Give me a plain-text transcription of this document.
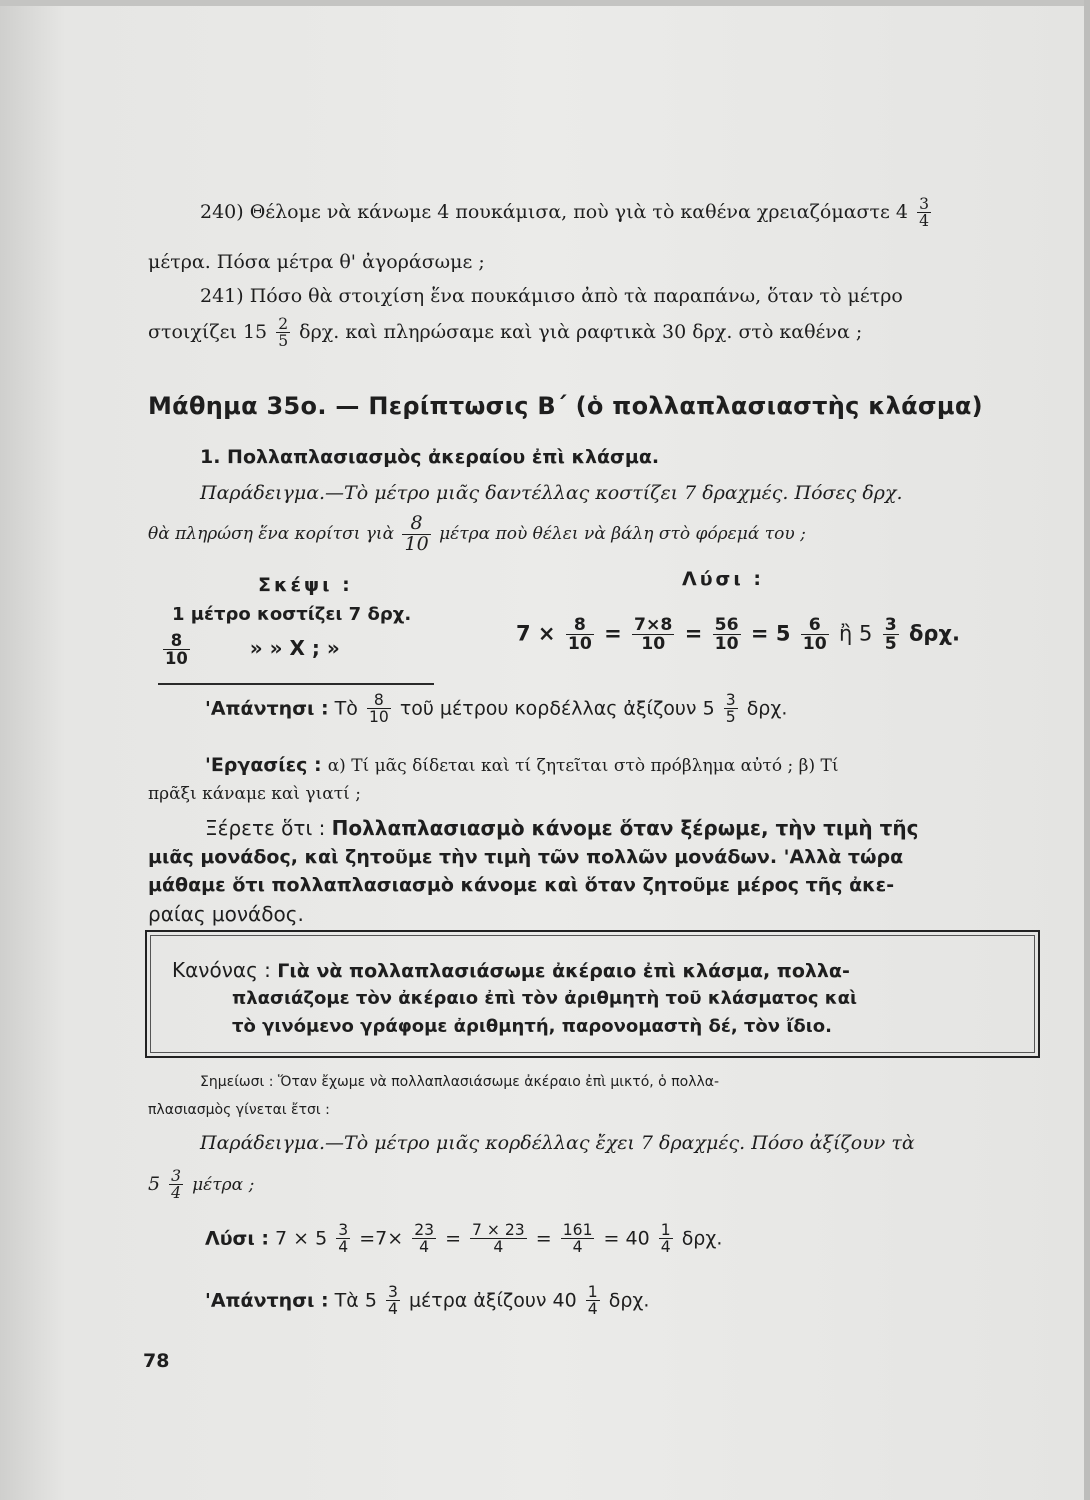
240) Θέλομε νὰ κάνωμε 4 πουκάμισα, ποὺ γιὰ τὸ καθένα χρειαζόμαστε $4 \frac{3}{4}$
μέτρα. Πόσα μέτρα θ' ἀγοράσωμε ;
241) Πόσο θὰ στοιχίση ἕνα πουκάμισο ἀπὸ τὰ παραπάνω, ὅταν τὸ μέτρο
στοιχίζει $15 \frac{2}{5} \delta\rho\chi$. καὶ πληρώσαμε καὶ γιὰ ραφτικὰ 30 δρχ. στὸ καθένα ;
Μάθημα 35ο. — Περίπτωσις Β΄ (ὁ πολλαπλασιαστὴς κλάσμα)
1. Πολλαπλασιασμὸς ἀκεραίου ἐπὶ κλάσμα.
Παράδειγμα.—Τὸ μέτρο μιᾶς δαντέλλας κοστίζει 7 δραχμές. Πόσες δρχ.
θὰ πληρώση ἕνα κορίτσι γιὰ $\frac{8}{10}$ μέτρα ποὺ θέλει νὰ βάλη στὸ φόρεμά του ;
Σκέψι :
1 μέτρο κοστίζει 7 δρχ.
$\frac{8}{10}$	» » Χ ; »
Λύσι :
$7 \times \frac{8}{10} = \frac{7\times 8}{10} = \frac{56}{10} = 5 \frac{6}{10}$ ἢ $5 \frac{3}{5} \delta\rho\chi$.
'Απάντησι : Τὸ $\frac{8}{10}$ τοῦ μέτρου κορδέλλας ἀξίζουν $5 \frac{3}{5} \delta\rho\chi$.
'Εργασίες : α) Τί μᾶς δίδεται καὶ τί ζητεῖται στὸ πρόβλημα αὐτό ; β) Τί
πρᾶξι κάναμε καὶ γιατί ;
Ξέρετε ὅτι : Πολλαπλασιασμὸ κάνομε ὅταν ξέρωμε, τὴν τιμὴ τῆς
μιᾶς μονάδος, καὶ ζητοῦμε τὴν τιμὴ τῶν πολλῶν μονάδων. 'Αλλὰ τώρα
μάθαμε ὅτι πολλαπλασιασμὸ κάνομε καὶ ὅταν ζητοῦμε μέρος τῆς ἀκε-
ραίας μονάδος.
Κανόνας : Γιὰ νὰ πολλαπλασιάσωμε ἀκέραιο ἐπὶ κλάσμα, πολλα-
πλασιάζομε τὸν ἀκέραιο ἐπὶ τὸν ἀριθμητὴ τοῦ κλάσματος καὶ
τὸ γινόμενο γράφομε ἀριθμητή, παρονομαστὴ δέ, τὸν ἴδιο.
Σημείωσι : Ὅταν ἔχωμε νὰ πολλαπλασιάσωμε ἀκέραιο ἐπὶ μικτό, ὁ πολλα-
πλασιασμὸς γίνεται ἔτσι :
Παράδειγμα.—Τὸ μέτρο μιᾶς κορδέλλας ἔχει 7 δραχμές. Πόσο ἀξίζουν τὰ
$5 \frac{3}{4}$ μέτρα ;
Λύσι : $7 \times 5 \frac{3}{4} =7\times \frac{23}{4} = \frac{7 \times 23}{4} = \frac{161}{4} = 40 \frac{1}{4} \delta\rho\chi$.
'Απάντησι : Τὰ $5 \frac{3}{4}$ μέτρα ἀξίζουν $40 \frac{1}{4} \delta\rho\chi$.
78
